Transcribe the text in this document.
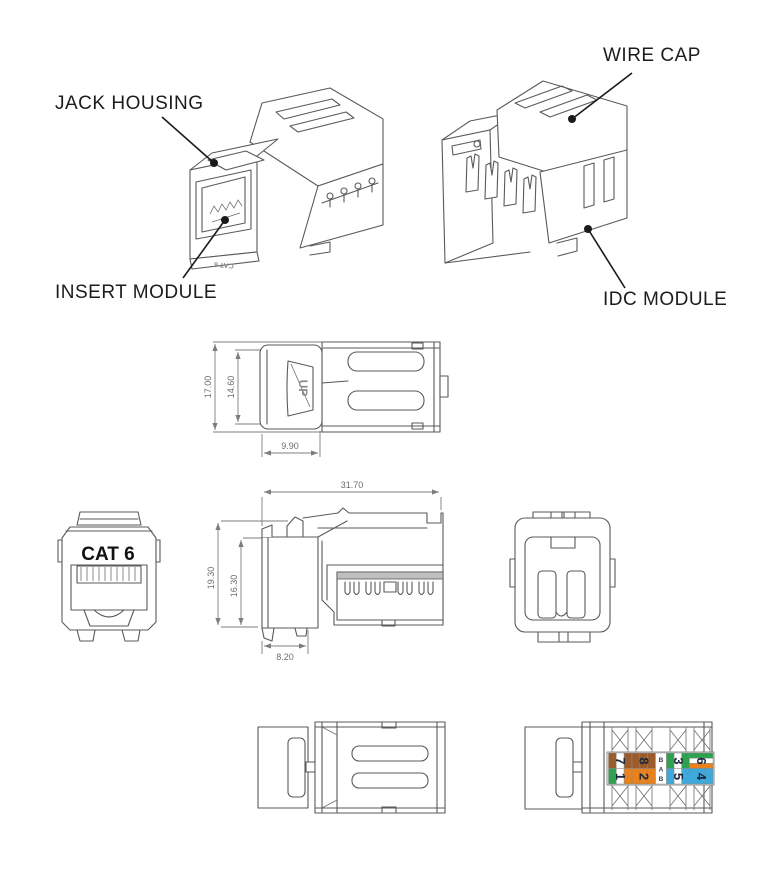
CAT 6
17.00 14.60	UP
9.90
CAT 6
31.70
19.30 16.30
8.20
7
1
8
2
B
A
B
3
5
6
4
JACK HOUSING
INSERT MODULE
WIRE CAP
IDC MODULE
